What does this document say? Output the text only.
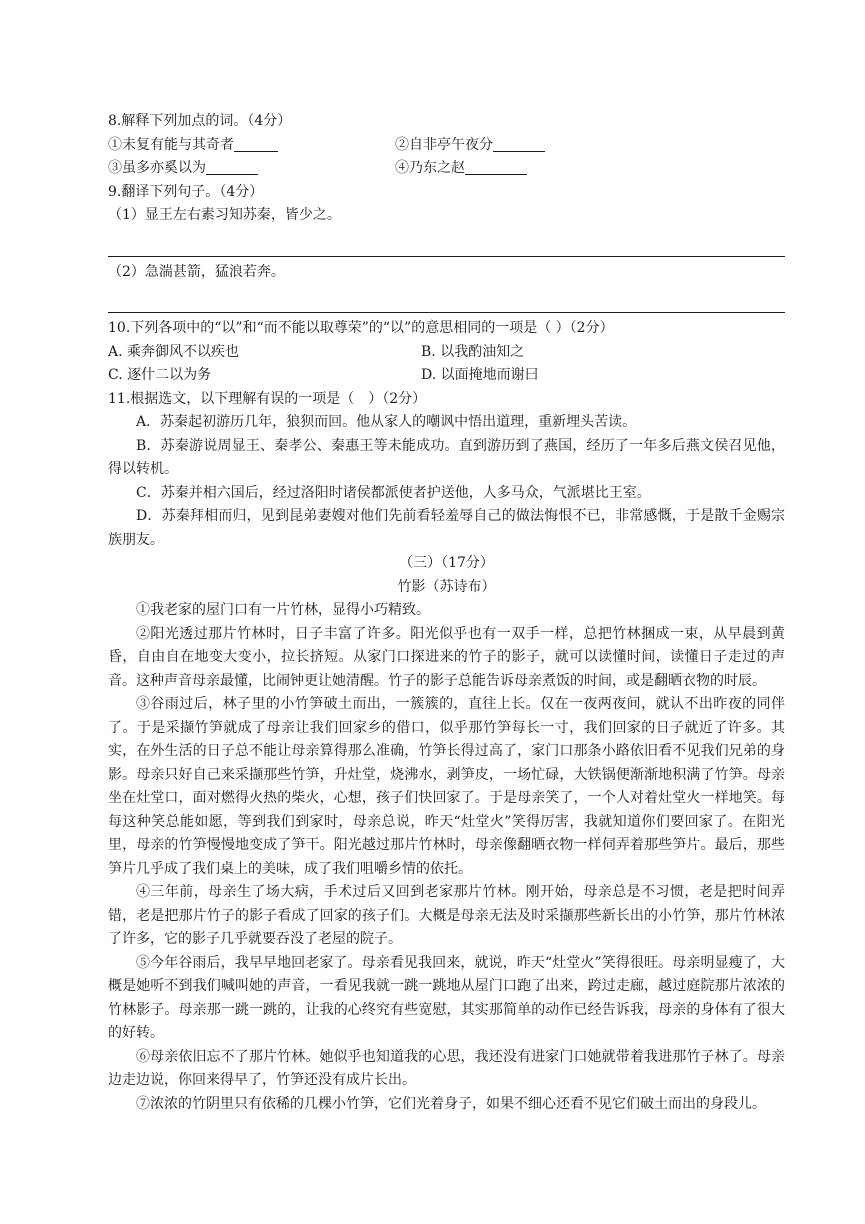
8.解释下列加点的词。（4分）
①未复有能与其奇者	②自非亭午夜分
③虽多亦奚以为	④乃东之赵
9.翻译下列句子。（4分）
（1）显王左右素习知苏秦，皆少之。
（2）急湍甚箭，猛浪若奔。
10.下列各项中的“以”和“而不能以取尊荣”的“以”的意思相同的一项是（ ）（2分）
A. 乘奔御风不以疾也	B. 以我酌油知之
C. 逐什二以为务	D. 以面掩地而谢曰
11.根据选文，以下理解有误的一项是（　）（2分）
A．苏秦起初游历几年，狼狈而回。他从家人的嘲讽中悟出道理，重新埋头苦读。
B．苏秦游说周显王、秦孝公、秦惠王等未能成功。直到游历到了燕国，经历了一年多后燕文侯召见他，得以转机。
C．苏秦并相六国后，经过洛阳时诸侯都派使者护送他，人多马众，气派堪比王室。
D．苏秦拜相而归，见到昆弟妻嫂对他们先前看轻羞辱自己的做法悔恨不已，非常感慨，于是散千金赐宗族朋友。
（三）（17分）
竹影（苏诗布）
①我老家的屋门口有一片竹林，显得小巧精致。
②阳光透过那片竹林时，日子丰富了许多。阳光似乎也有一双手一样，总把竹林捆成一束，从早晨到黄昏，自由自在地变大变小，拉长挤短。从家门口探进来的竹子的影子，就可以读懂时间，读懂日子走过的声音。这种声音母亲最懂，比闹钟更让她清醒。竹子的影子总能告诉母亲煮饭的时间，或是翻晒衣物的时辰。
③谷雨过后，林子里的小竹笋破土而出，一簇簇的，直往上长。仅在一夜两夜间，就认不出昨夜的同伴了。于是采撷竹笋就成了母亲让我们回家乡的借口，似乎那竹笋每长一寸，我们回家的日子就近了许多。其实，在外生活的日子总不能让母亲算得那么准确，竹笋长得过高了，家门口那条小路依旧看不见我们兄弟的身影。母亲只好自己来采撷那些竹笋，升灶堂，烧沸水，剥笋皮，一场忙碌，大铁锅便渐渐地积满了竹笋。母亲坐在灶堂口，面对燃得火热的柴火，心想，孩子们快回家了。于是母亲笑了，一个人对着灶堂火一样地笑。每每这种笑总能如愿，等到我们到家时，母亲总说，昨天“灶堂火”笑得厉害，我就知道你们要回家了。在阳光里，母亲的竹笋慢慢地变成了笋干。阳光越过那片竹林时，母亲像翻晒衣物一样伺弄着那些笋片。最后，那些笋片几乎成了我们桌上的美味，成了我们咀嚼乡情的依托。
④三年前，母亲生了场大病，手术过后又回到老家那片竹林。刚开始，母亲总是不习惯，老是把时间弄错，老是把那片竹子的影子看成了回家的孩子们。大概是母亲无法及时采撷那些新长出的小竹笋，那片竹林浓了许多，它的影子几乎就要吞没了老屋的院子。
⑤今年谷雨后，我早早地回老家了。母亲看见我回来，就说，昨天“灶堂火”笑得很旺。母亲明显瘦了，大概是她听不到我们喊叫她的声音，一看见我就一跳一跳地从屋门口跑了出来，跨过走廊，越过庭院那片浓浓的竹林影子。母亲那一跳一跳的，让我的心终究有些宽慰，其实那简单的动作已经告诉我，母亲的身体有了很大的好转。
⑥母亲依旧忘不了那片竹林。她似乎也知道我的心思，我还没有进家门口她就带着我进那竹子林了。母亲边走边说，你回来得早了，竹笋还没有成片长出。
⑦浓浓的竹阴里只有依稀的几棵小竹笋，它们光着身子，如果不细心还看不见它们破土而出的身段儿。
